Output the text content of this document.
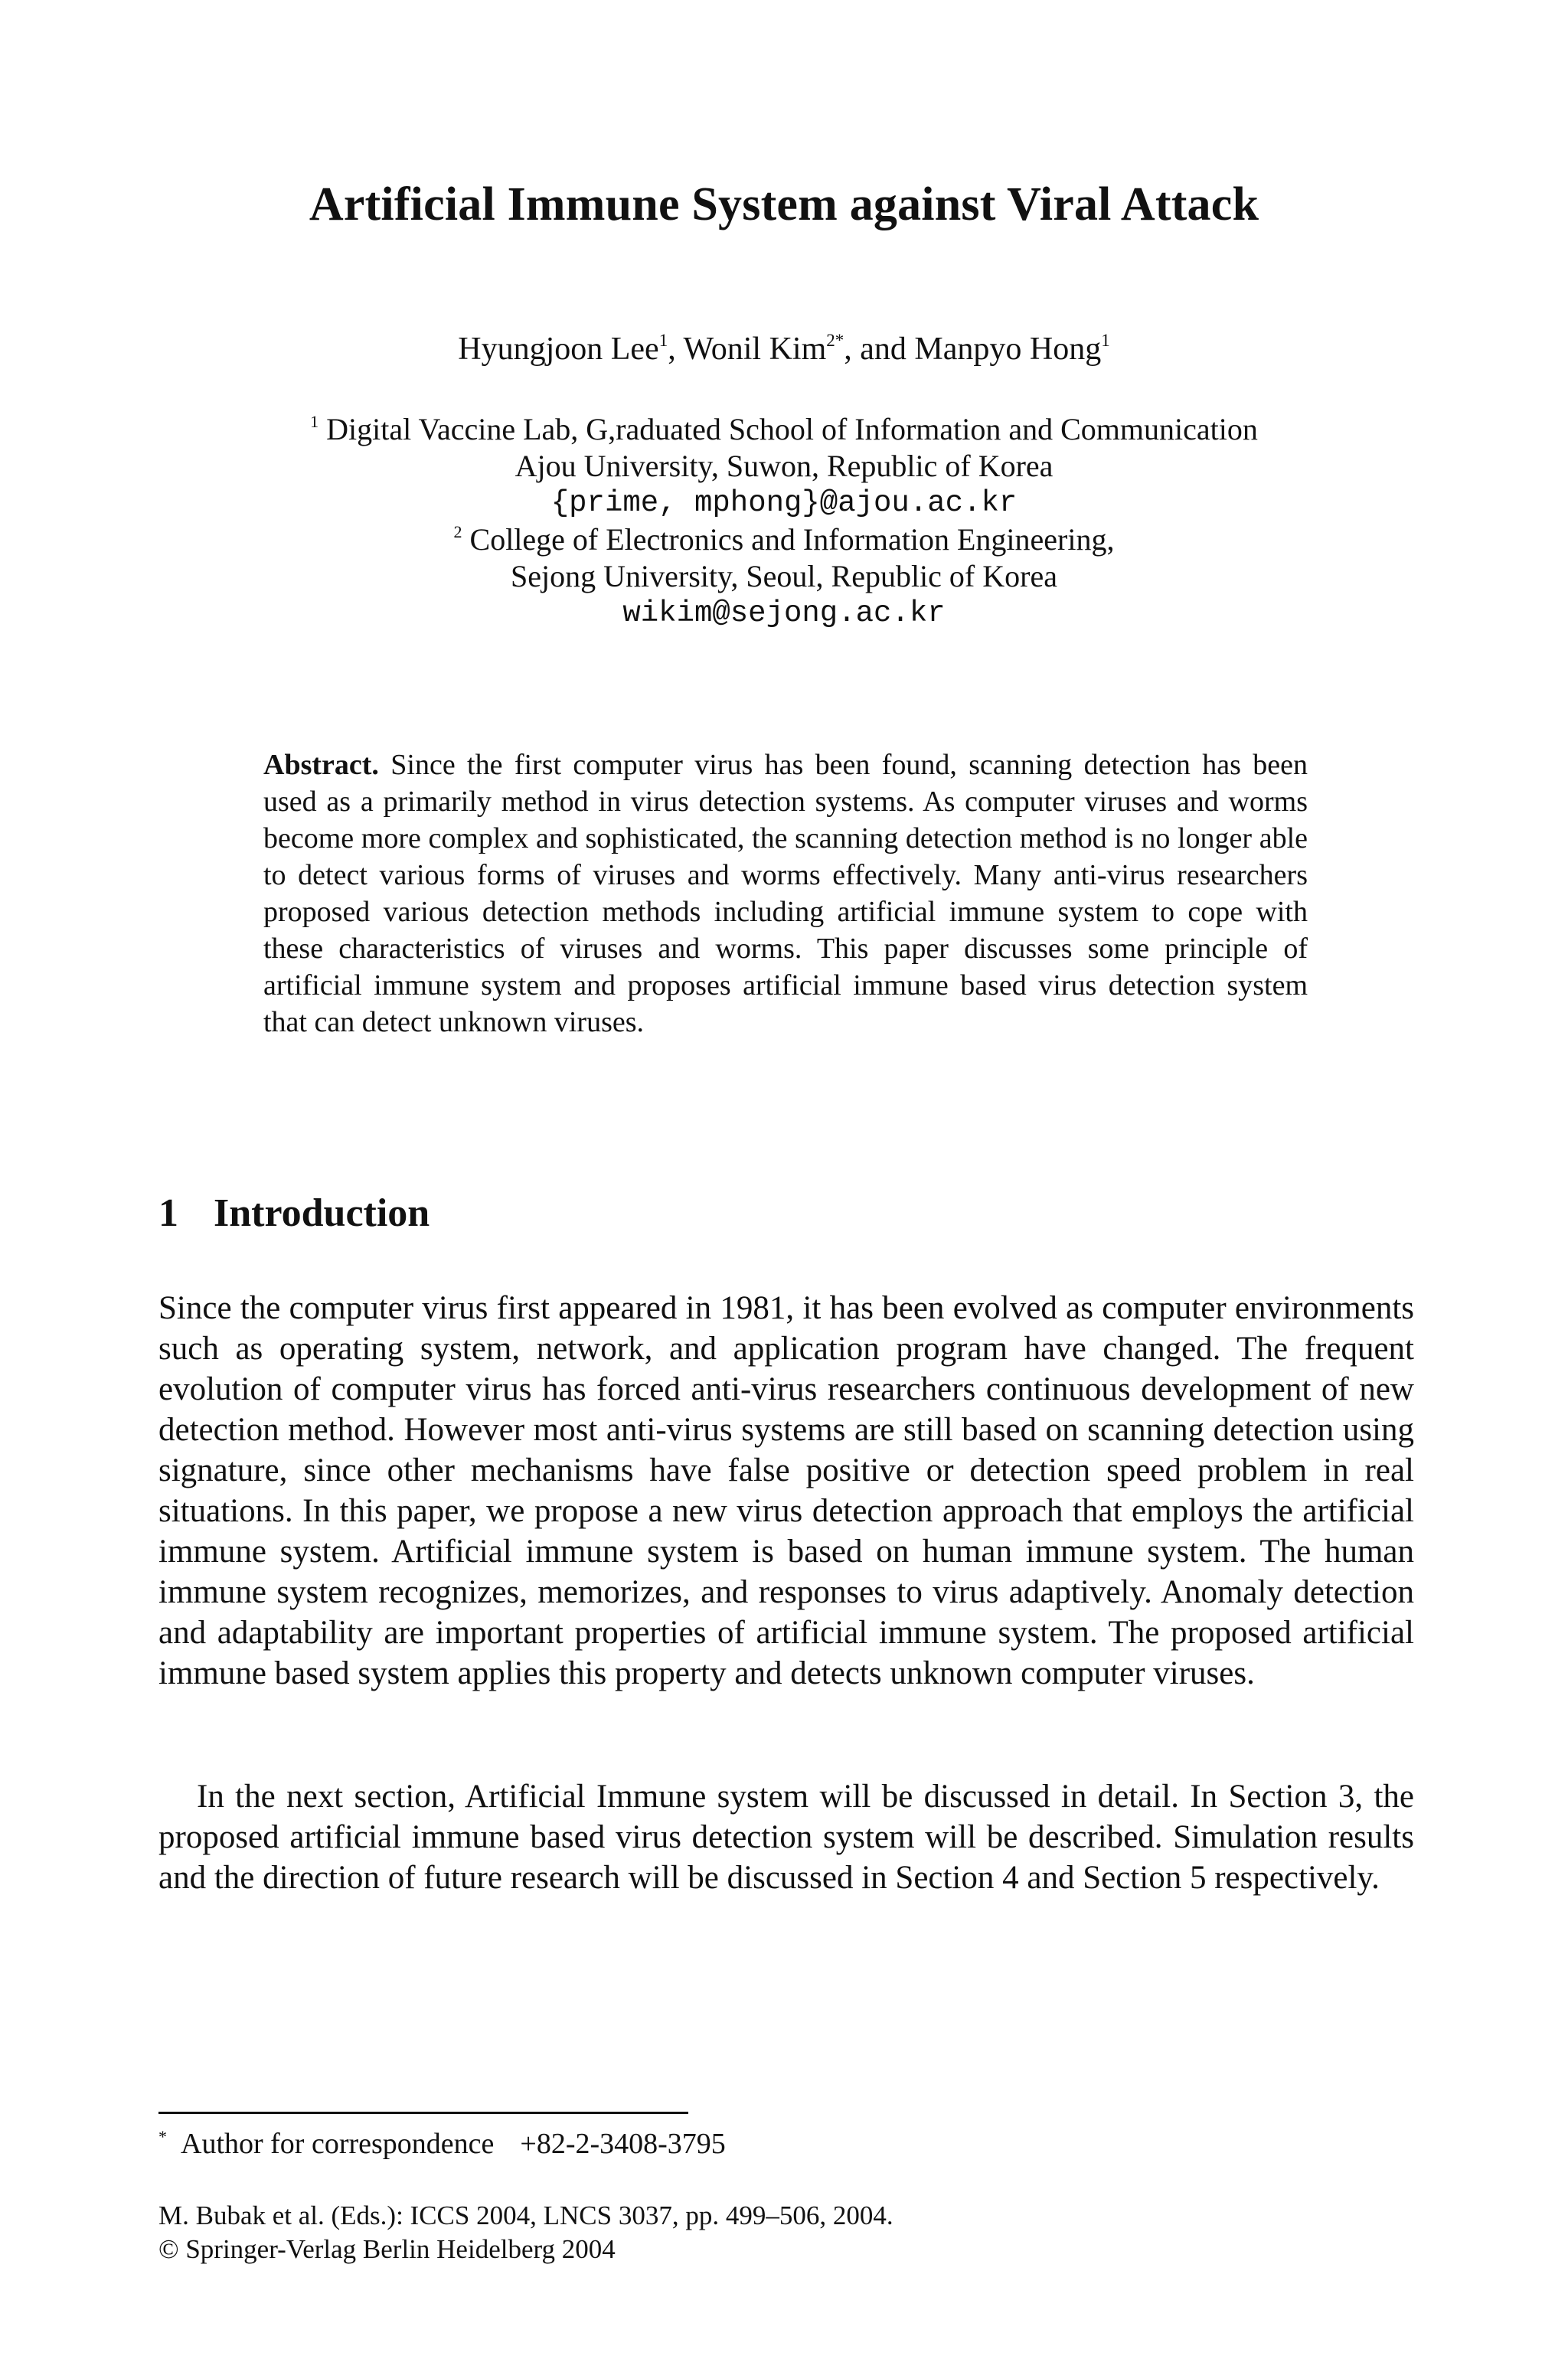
Artificial Immune System against Viral Attack
Hyungjoon Lee$^1$, Wonil Kim$^{2*}$, and Manpyo Hong$^1$
$^1$ Digital Vaccine Lab, G,raduated School of Information and Communication
Ajou University, Suwon, Republic of Korea
{prime, mphong}@ajou.ac.kr
$^2$ College of Electronics and Information Engineering,
Sejong University, Seoul, Republic of Korea
wikim@sejong.ac.kr
Abstract. Since the first computer virus has been found, scanning detection has been used as a primarily method in virus detection systems. As computer viruses and worms become more complex and sophisticated, the scanning detection method is no longer able to detect various forms of viruses and worms effectively. Many anti-virus researchers proposed various detection methods including artificial immune system to cope with these characteristics of viruses and worms. This paper discusses some principle of artificial immune system and proposes artificial immune based virus detection system that can detect unknown viruses.
1 Introduction
Since the computer virus first appeared in 1981, it has been evolved as computer environments such as operating system, network, and application program have changed. The frequent evolution of computer virus has forced anti-virus researchers continuous development of new detection method. However most anti-virus systems are still based on scanning detection using signature, since other mechanisms have false positive or detection speed problem in real situations. In this paper, we propose a new virus detection approach that employs the artificial immune system. Artificial immune system is based on human immune system. The human immune system recognizes, memorizes, and responses to virus adaptively. Anomaly detection and adaptability are important properties of artificial immune system. The proposed artificial immune based system applies this property and detects unknown computer viruses.
In the next section, Artificial Immune system will be discussed in detail. In Section 3, the proposed artificial immune based virus detection system will be described. Simulation results and the direction of future research will be discussed in Section 4 and Section 5 respectively.
* Author for correspondence +82-2-3408-3795
M. Bubak et al. (Eds.): ICCS 2004, LNCS 3037, pp. 499–506, 2004.
© Springer-Verlag Berlin Heidelberg 2004
